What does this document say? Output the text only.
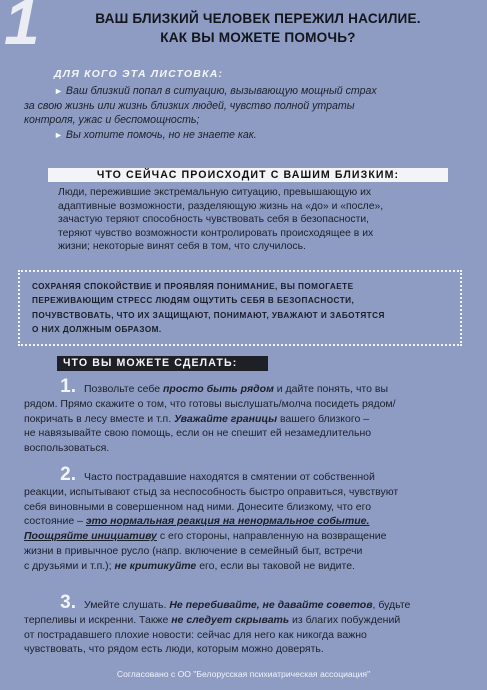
1	ВАШ БЛИЗКИЙ ЧЕЛОВЕК ПЕРЕЖИЛ НАСИЛИЕ.
КАК ВЫ МОЖЕТЕ ПОМОЧЬ?
ДЛЯ КОГО ЭТА ЛИСТОВКА:
► Ваш близкий попал в ситуацию, вызывающую мощный страх
за свою жизнь или жизнь близких людей, чувство полной утраты
контроля, ужас и беспомощность;
► Вы хотите помочь, но не знаете как.
ЧТО СЕЙЧАС ПРОИСХОДИТ С ВАШИМ БЛИЗКИМ:
Люди, пережившие экстремальную ситуацию, превышающую их
адаптивные возможности, разделяющую жизнь на «до» и «после»,
зачастую теряют способность чувствовать себя в безопасности,
теряют чувство возможности контролировать происходящее в их
жизни; некоторые винят себя в том, что случилось.
СОХРАНЯЯ СПОКОЙСТВИЕ И ПРОЯВЛЯЯ ПОНИМАНИЕ, ВЫ ПОМОГАЕТЕ
ПЕРЕЖИВАЮЩИМ СТРЕСС ЛЮДЯМ ОЩУТИТЬ СЕБЯ В БЕЗОПАСНОСТИ,
ПОЧУВСТВОВАТЬ, ЧТО ИХ ЗАЩИЩАЮТ, ПОНИМАЮТ, УВАЖАЮТ И ЗАБОТЯТСЯ
О НИХ ДОЛЖНЫМ ОБРАЗОМ.
ЧТО ВЫ МОЖЕТЕ СДЕЛАТЬ:
1. Позвольте себе просто быть рядом и дайте понять, что вы
рядом. Прямо скажите о том, что готовы выслушать/молча посидеть рядом/
покричать в лесу вместе и т.п. Уважайте границы вашего близкого –
не навязывайте свою помощь, если он не спешит ей незамедлительно
воспользоваться.
2. Часто пострадавшие находятся в смятении от собственной
реакции, испытывают стыд за неспособность быстро оправиться, чувствуют
себя виновными в совершенном над ними. Донесите близкому, что его
состояние – это нормальная реакция на ненормальное событие.
Поощряйте инициативу с его стороны, направленную на возвращение
жизни в привычное русло (напр. включение в семейный быт, встречи
с друзьями и т.п.); не критикуйте его, если вы таковой не видите.
3. Умейте слушать. Не перебивайте, не давайте советов, будьте
терпеливы и искренни. Также не следует скрывать из благих побуждений
от пострадавшего плохие новости: сейчас для него как никогда важно
чувствовать, что рядом есть люди, которым можно доверять.
Согласовано с ОО "Белорусская психиатрическая ассоциация"
